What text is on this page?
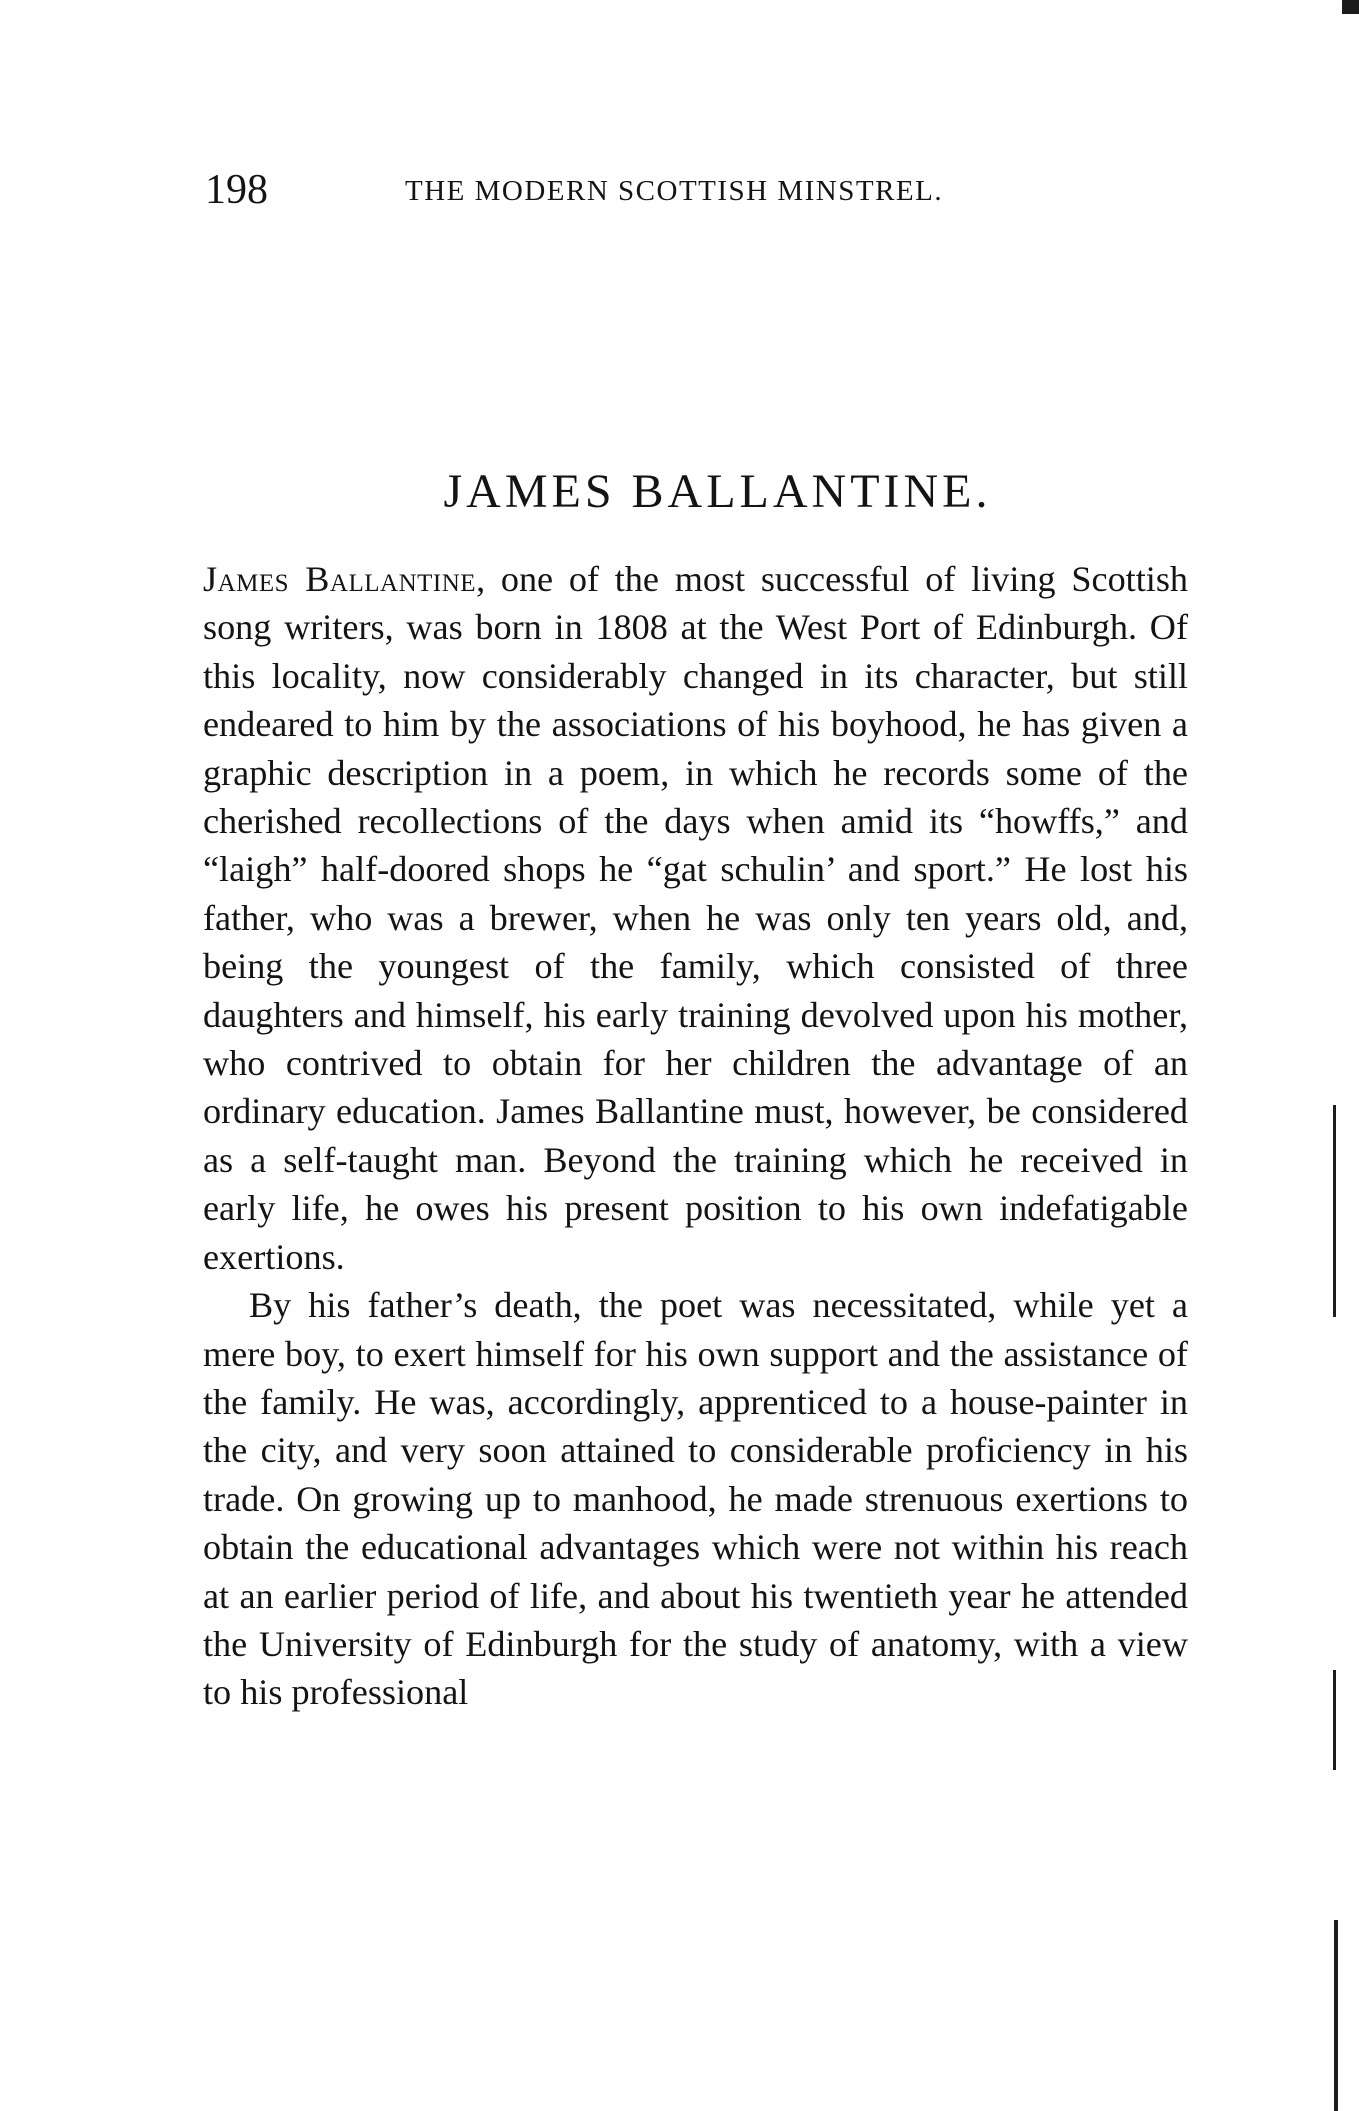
198	THE MODERN SCOTTISH MINSTREL.
JAMES BALLANTINE.

James Ballantine, one of the most successful of living Scottish song writers, was born in 1808 at the West Port of Edinburgh. Of this locality, now considerably changed in its character, but still endeared to him by the associations of his boyhood, he has given a graphic description in a poem, in which he records some of the cherished recollections of the days when amid its “howffs,” and “laigh” half-doored shops he “gat schulin’ and sport.” He lost his father, who was a brewer, when he was only ten years old, and, being the youngest of the family, which consisted of three daughters and himself, his early training devolved upon his mother, who contrived to obtain for her children the advantage of an ordinary education. James Ballantine must, however, be considered as a self-taught man. Beyond the training which he received in early life, he owes his present position to his own indefatigable exertions.

By his father’s death, the poet was necessitated, while yet a mere boy, to exert himself for his own support and the assistance of the family. He was, accordingly, apprenticed to a house-painter in the city, and very soon attained to considerable proficiency in his trade. On growing up to manhood, he made strenuous exertions to obtain the educational advantages which were not within his reach at an earlier period of life, and about his twentieth year he attended the University of Edinburgh for the study of anatomy, with a view to his professional
